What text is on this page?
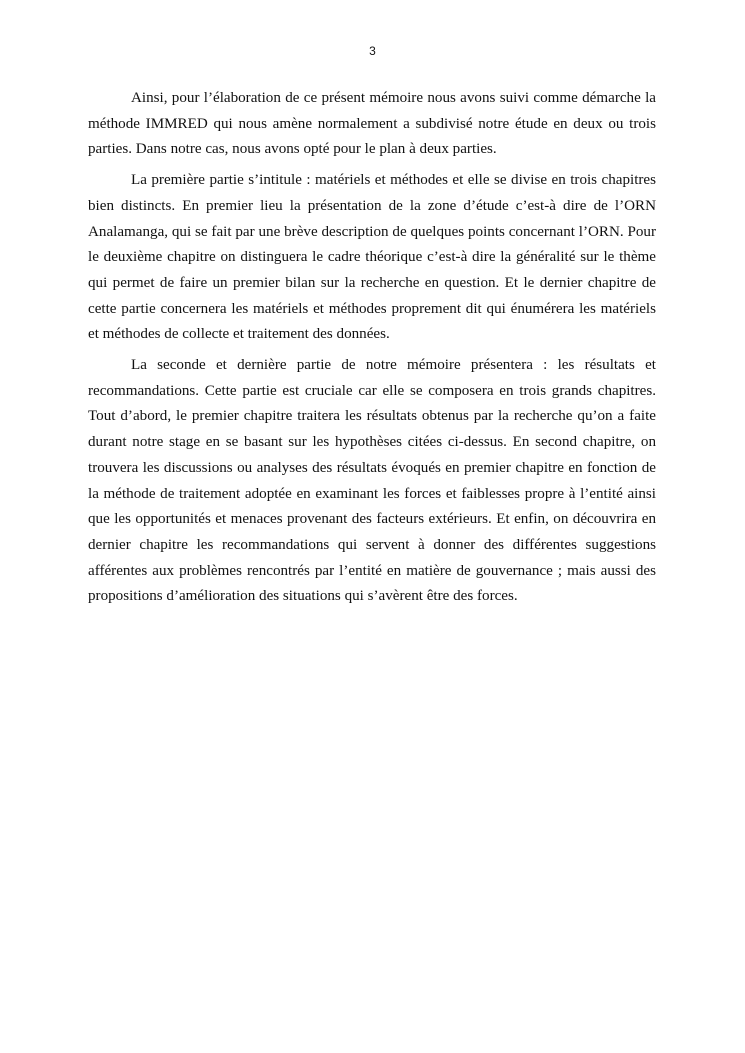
3

Ainsi, pour l’élaboration de ce présent mémoire nous avons suivi comme démarche la méthode IMMRED qui nous amène normalement a subdivisé notre étude en deux ou trois parties. Dans notre cas, nous avons opté pour le plan à deux parties.

La première partie s’intitule : matériels et méthodes et elle se divise en trois chapitres bien distincts. En premier lieu la présentation de la zone d’étude c’est-à dire de l’ORN Analamanga, qui se fait par une brève description de quelques points concernant l’ORN. Pour le deuxième chapitre on distinguera le cadre théorique c’est-à dire la généralité sur le thème qui permet de faire un premier bilan sur la recherche en question. Et le dernier chapitre de cette partie concernera les matériels et méthodes proprement dit qui énumérera les matériels et méthodes de collecte et traitement des données.

La seconde et dernière partie de notre mémoire présentera : les résultats et recommandations. Cette partie est cruciale car elle se composera en trois grands chapitres. Tout d’abord, le premier chapitre traitera les résultats obtenus par la recherche qu’on a faite durant notre stage en se basant sur les hypothèses citées ci-dessus. En second chapitre, on trouvera les discussions ou analyses des résultats évoqués en premier chapitre en fonction de la méthode de traitement adoptée en examinant les forces et faiblesses propre à l’entité ainsi que les opportunités et menaces provenant des facteurs extérieurs. Et enfin, on découvrira en dernier chapitre les recommandations qui servent à donner des différentes suggestions afférentes aux problèmes rencontrés par l’entité en matière de gouvernance ; mais aussi des propositions d’amélioration des situations qui s’avèrent être des forces.
